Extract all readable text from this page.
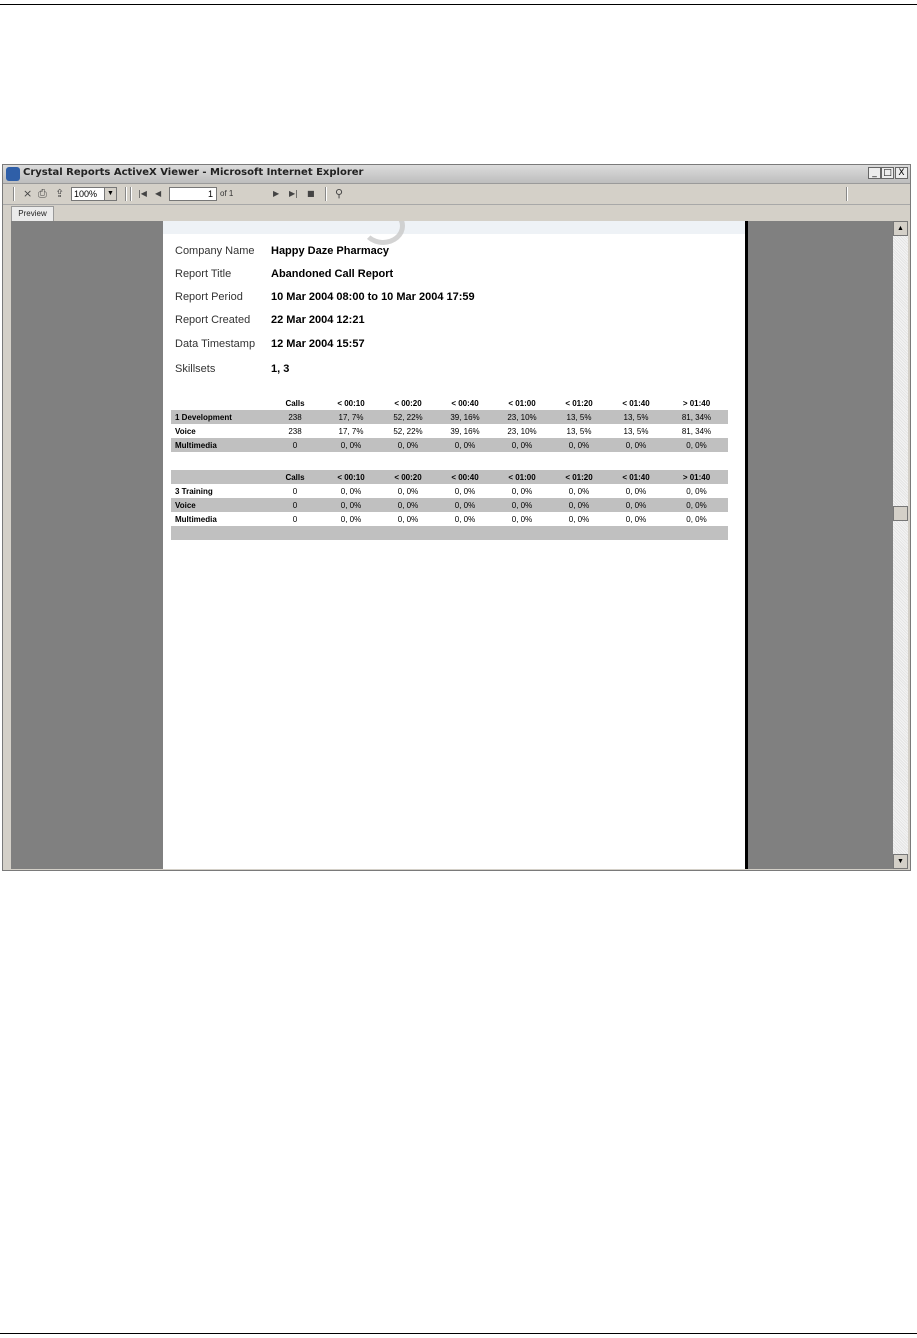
Crystal Reports ActiveX Viewer - Microsoft Internet Explorer	_ □ X
× ⎙ ⇪ 100%	▼	|◀ ◀	1 of 1	▶ ▶| ■ ⚲
Preview
Company Name Happy Daze Pharmacy
Report Title	Abandoned Call Report
Report Period	10 Mar 2004 08:00 to 10 Mar 2004 17:59
Report Created 22 Mar 2004 12:21
Data Timestamp 12 Mar 2004 15:57
Skillsets	1, 3
	Calls	< 00:10	< 00:20	< 00:40	< 01:00	< 01:20	< 01:40	> 01:40
1 Development	238	17, 7%	52, 22%	39, 16%	23, 10%	13, 5%	13, 5%	81, 34%
Voice	238	17, 7%	52, 22%	39, 16%	23, 10%	13, 5%	13, 5%	81, 34%
Multimedia	0	0, 0%	0, 0%	0, 0%	0, 0%	0, 0%	0, 0%	0, 0%
	Calls	< 00:10	< 00:20	< 00:40	< 01:00	< 01:20	< 01:40	> 01:40
3 Training	0	0, 0%	0, 0%	0, 0%	0, 0%	0, 0%	0, 0%	0, 0%
Voice	0	0, 0%	0, 0%	0, 0%	0, 0%	0, 0%	0, 0%	0, 0%
Multimedia	0	0, 0%	0, 0%	0, 0%	0, 0%	0, 0%	0, 0%	0, 0%

▲
▼
